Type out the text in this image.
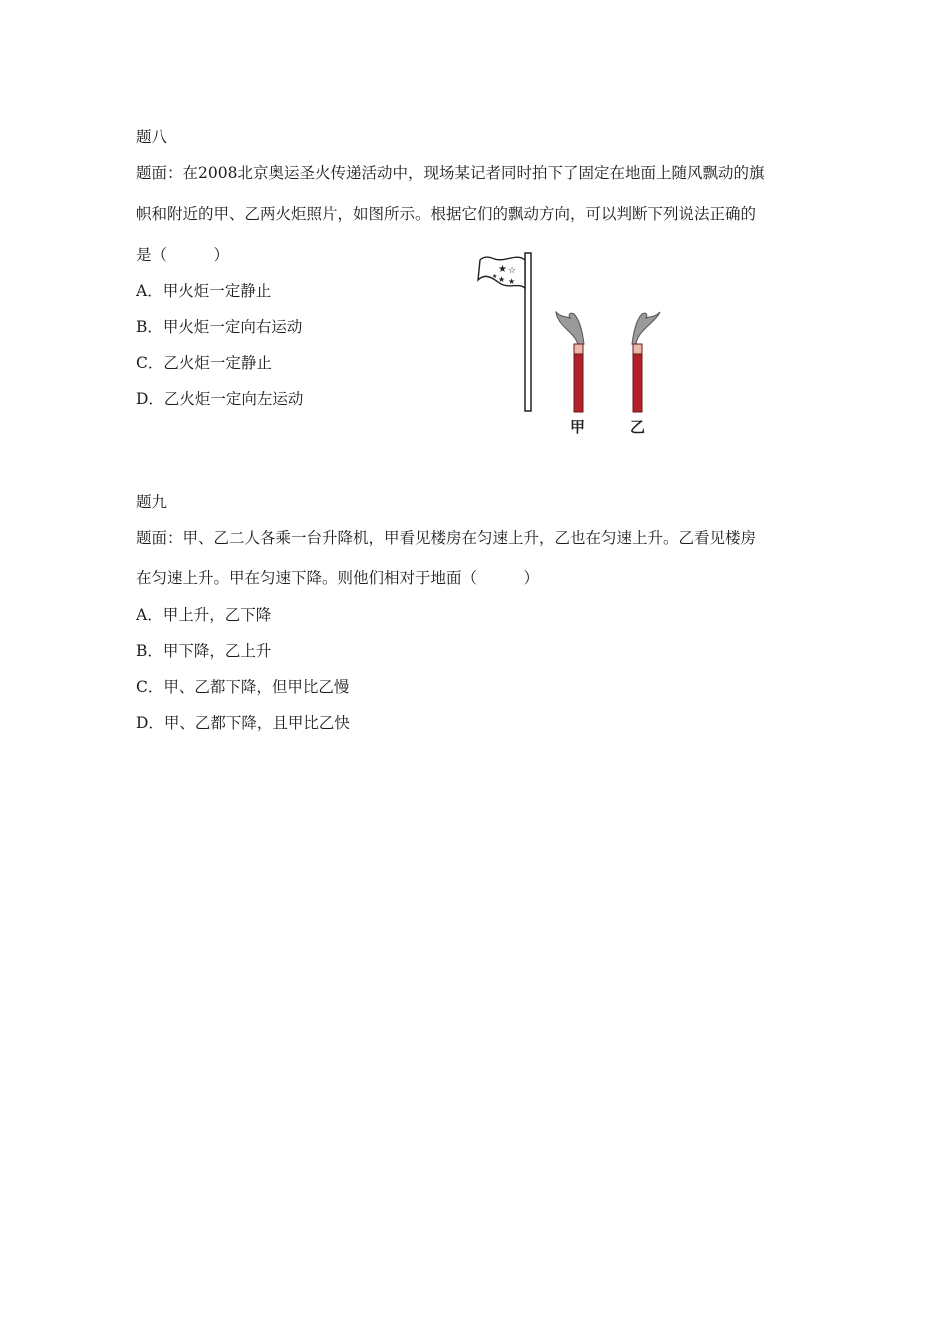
题八
题面：在2008北京奥运圣火传递活动中，现场某记者同时拍下了固定在地面上随风飘动的旗
帜和附近的甲、乙两火炬照片，如图所示。根据它们的飘动方向，可以判断下列说法正确的
是（　　　）
A．甲火炬一定静止
B．甲火炬一定向右运动
C．乙火炬一定静止
D．乙火炬一定向左运动
★ ☆
★ ★
★
甲	乙
题九
题面：甲、乙二人各乘一台升降机，甲看见楼房在匀速上升，乙也在匀速上升。乙看见楼房
在匀速上升。甲在匀速下降。则他们相对于地面（　　　）
A．甲上升，乙下降
B．甲下降，乙上升
C．甲、乙都下降，但甲比乙慢
D．甲、乙都下降，且甲比乙快
